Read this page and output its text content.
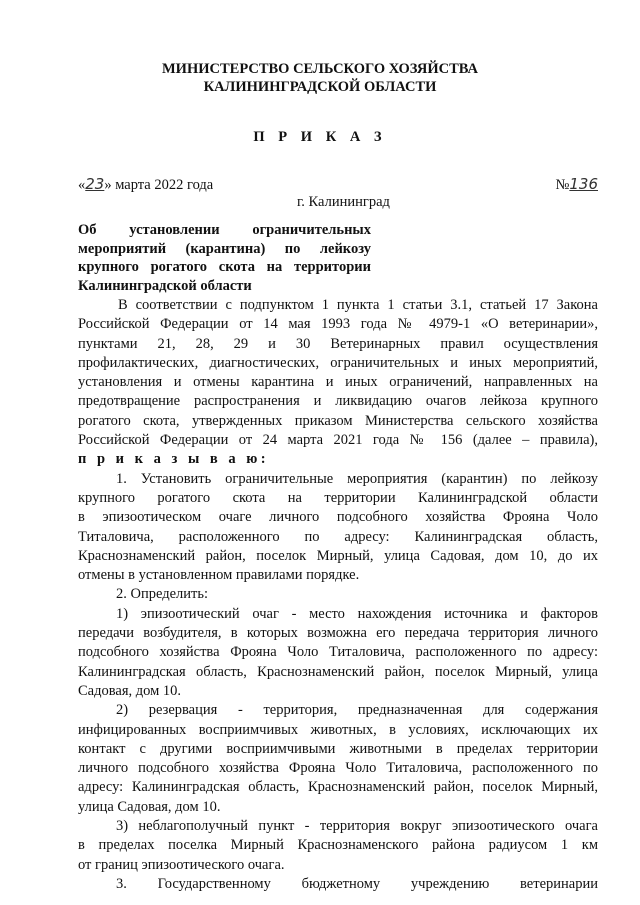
МИНИСТЕРСТВО СЕЛЬСКОГО ХОЗЯЙСТВА
КАЛИНИНГРАДСКОЙ ОБЛАСТИ
П Р И К А З
«23» марта 2022 года	№136
г. Калининград
Об установлении ограничительных
мероприятий (карантина) по лейкозу
крупного рогатого скота на территории
Калининградской области
В соответствии с подпунктом 1 пункта 1 статьи 3.1, статьей 17 Закона
Российской Федерации от 14 мая 1993 года № 4979-1 «О ветеринарии»,
пунктами 21, 28, 29 и 30 Ветеринарных правил осуществления
профилактических, диагностических, ограничительных и иных мероприятий,
установления и отмены карантина и иных ограничений, направленных на
предотвращение распространения и ликвидацию очагов лейкоза крупного
рогатого скота, утвержденных приказом Министерства сельского хозяйства
Российской Федерации от 24 марта 2021 года № 156 (далее – правила),
п р и к а з ы в а ю:
1. Установить ограничительные мероприятия (карантин) по лейкозу
крупного рогатого скота на территории Калининградской области
в эпизоотическом очаге личного подсобного хозяйства Фрояна Чоло
Титаловича, расположенного по адресу: Калининградская область,
Краснознаменский район, поселок Мирный, улица Садовая, дом 10, до их
отмены в установленном правилами порядке.
2. Определить:
1) эпизоотический очаг - место нахождения источника и факторов
передачи возбудителя, в которых возможна его передача территория личного
подсобного хозяйства Фрояна Чоло Титаловича, расположенного по адресу:
Калининградская область, Краснознаменский район, поселок Мирный, улица
Садовая, дом 10.
2) резервация - территория, предназначенная для содержания
инфицированных восприимчивых животных, в условиях, исключающих их
контакт с другими восприимчивыми животными в пределах территории
личного подсобного хозяйства Фрояна Чоло Титаловича, расположенного по
адресу: Калининградская область, Краснознаменский район, поселок Мирный,
улица Садовая, дом 10.
3) неблагополучный пункт - территория вокруг эпизоотического очага
в пределах поселка Мирный Краснознаменского района радиусом 1 км
от границ эпизоотического очага.
3. Государственному бюджетному учреждению ветеринарии
